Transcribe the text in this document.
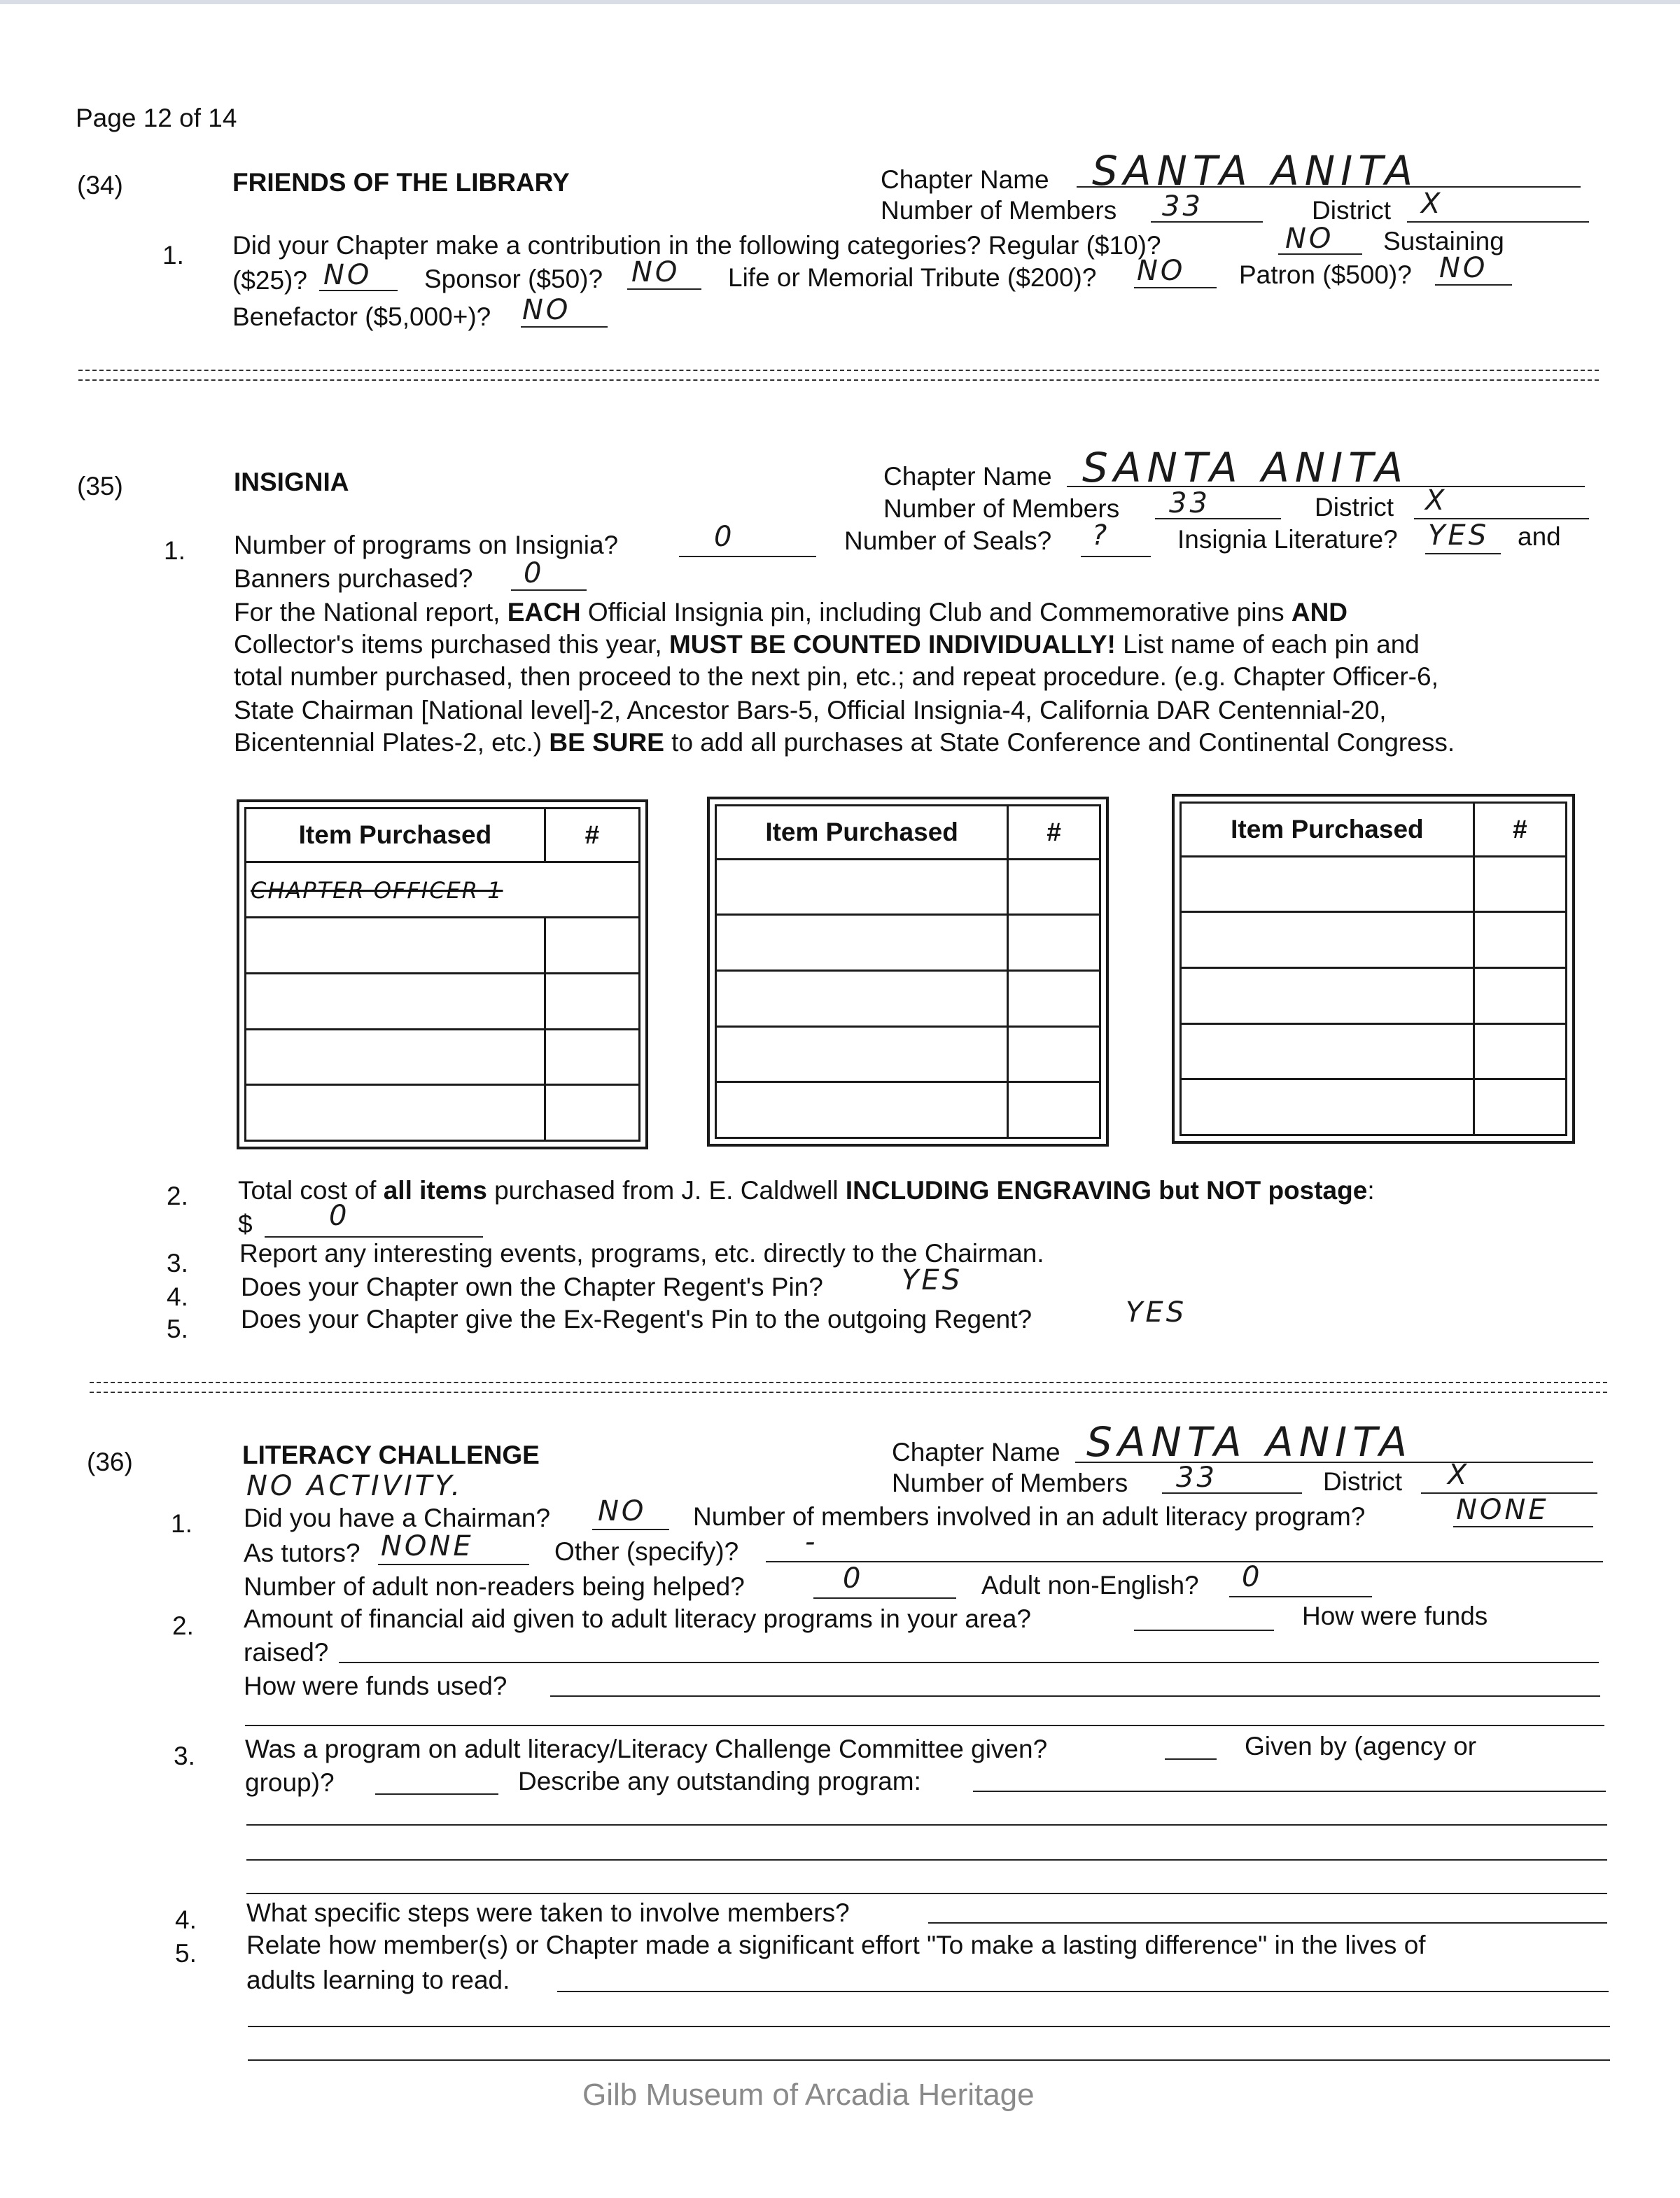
Page 12 of 14
(34)	FRIENDS OF THE LIBRARY	Chapter Name SANTA ANITA
Number of Members 33	District X
1. Did your Chapter make a contribution in the following categories? Regular ($10)?	NO Sustaining
($25)? NO Sponsor ($50)? NO Life or Memorial Tribute ($200)? NO Patron ($500)? NO
Benefactor ($5,000+)? NO
(35)	INSIGNIA	Chapter Name SANTA ANITA
Number of Members 33	District X
1. Number of programs on Insignia?	0	Number of Seals? ?	Insignia Literature? YES and
Banners purchased? 0
For the National report, EACH Official Insignia pin, including Club and Commemorative pins AND
Collector's items purchased this year, MUST BE COUNTED INDIVIDUALLY! List name of each pin and
total number purchased, then proceed to the next pin, etc.; and repeat procedure. (e.g. Chapter Officer-6,
State Chairman [National level]-2, Ancestor Bars-5, Official Insignia-4, California DAR Centennial-20,
Bicentennial Plates-2, etc.) BE SURE to add all purchases at State Conference and Continental Congress.
Item Purchased	#
CHAPTER OFFICER 1	

Item Purchased	#

		Item Purchased	#

2. Total cost of all items purchased from J. E. Caldwell INCLUDING ENGRAVING but NOT postage:
$	0
3. Report any interesting events, programs, etc. directly to the Chairman.
4. Does your Chapter own the Chapter Regent's Pin?	YES
5. Does your Chapter give the Ex-Regent's Pin to the outgoing Regent?	YES
(36)	LITERACY CHALLENGE
NO ACTIVITY.
Chapter Name SANTA ANITA
Number of Members 33	District X
1. Did you have a Chairman? NO Number of members involved in an adult literacy program?	NONE
As tutors? NONE	Other (specify)? -
Number of adult non-readers being helped?	0	Adult non-English? 0
2. Amount of financial aid given to adult literacy programs in your area?	How were funds
raised?
How were funds used?
3. Was a program on adult literacy/Literacy Challenge Committee given?	Given by (agency or
group)?	Describe any outstanding program:
4. What specific steps were taken to involve members?
5. Relate how member(s) or Chapter made a significant effort "To make a lasting difference" in the lives of
adults learning to read.
Gilb Museum of Arcadia Heritage
